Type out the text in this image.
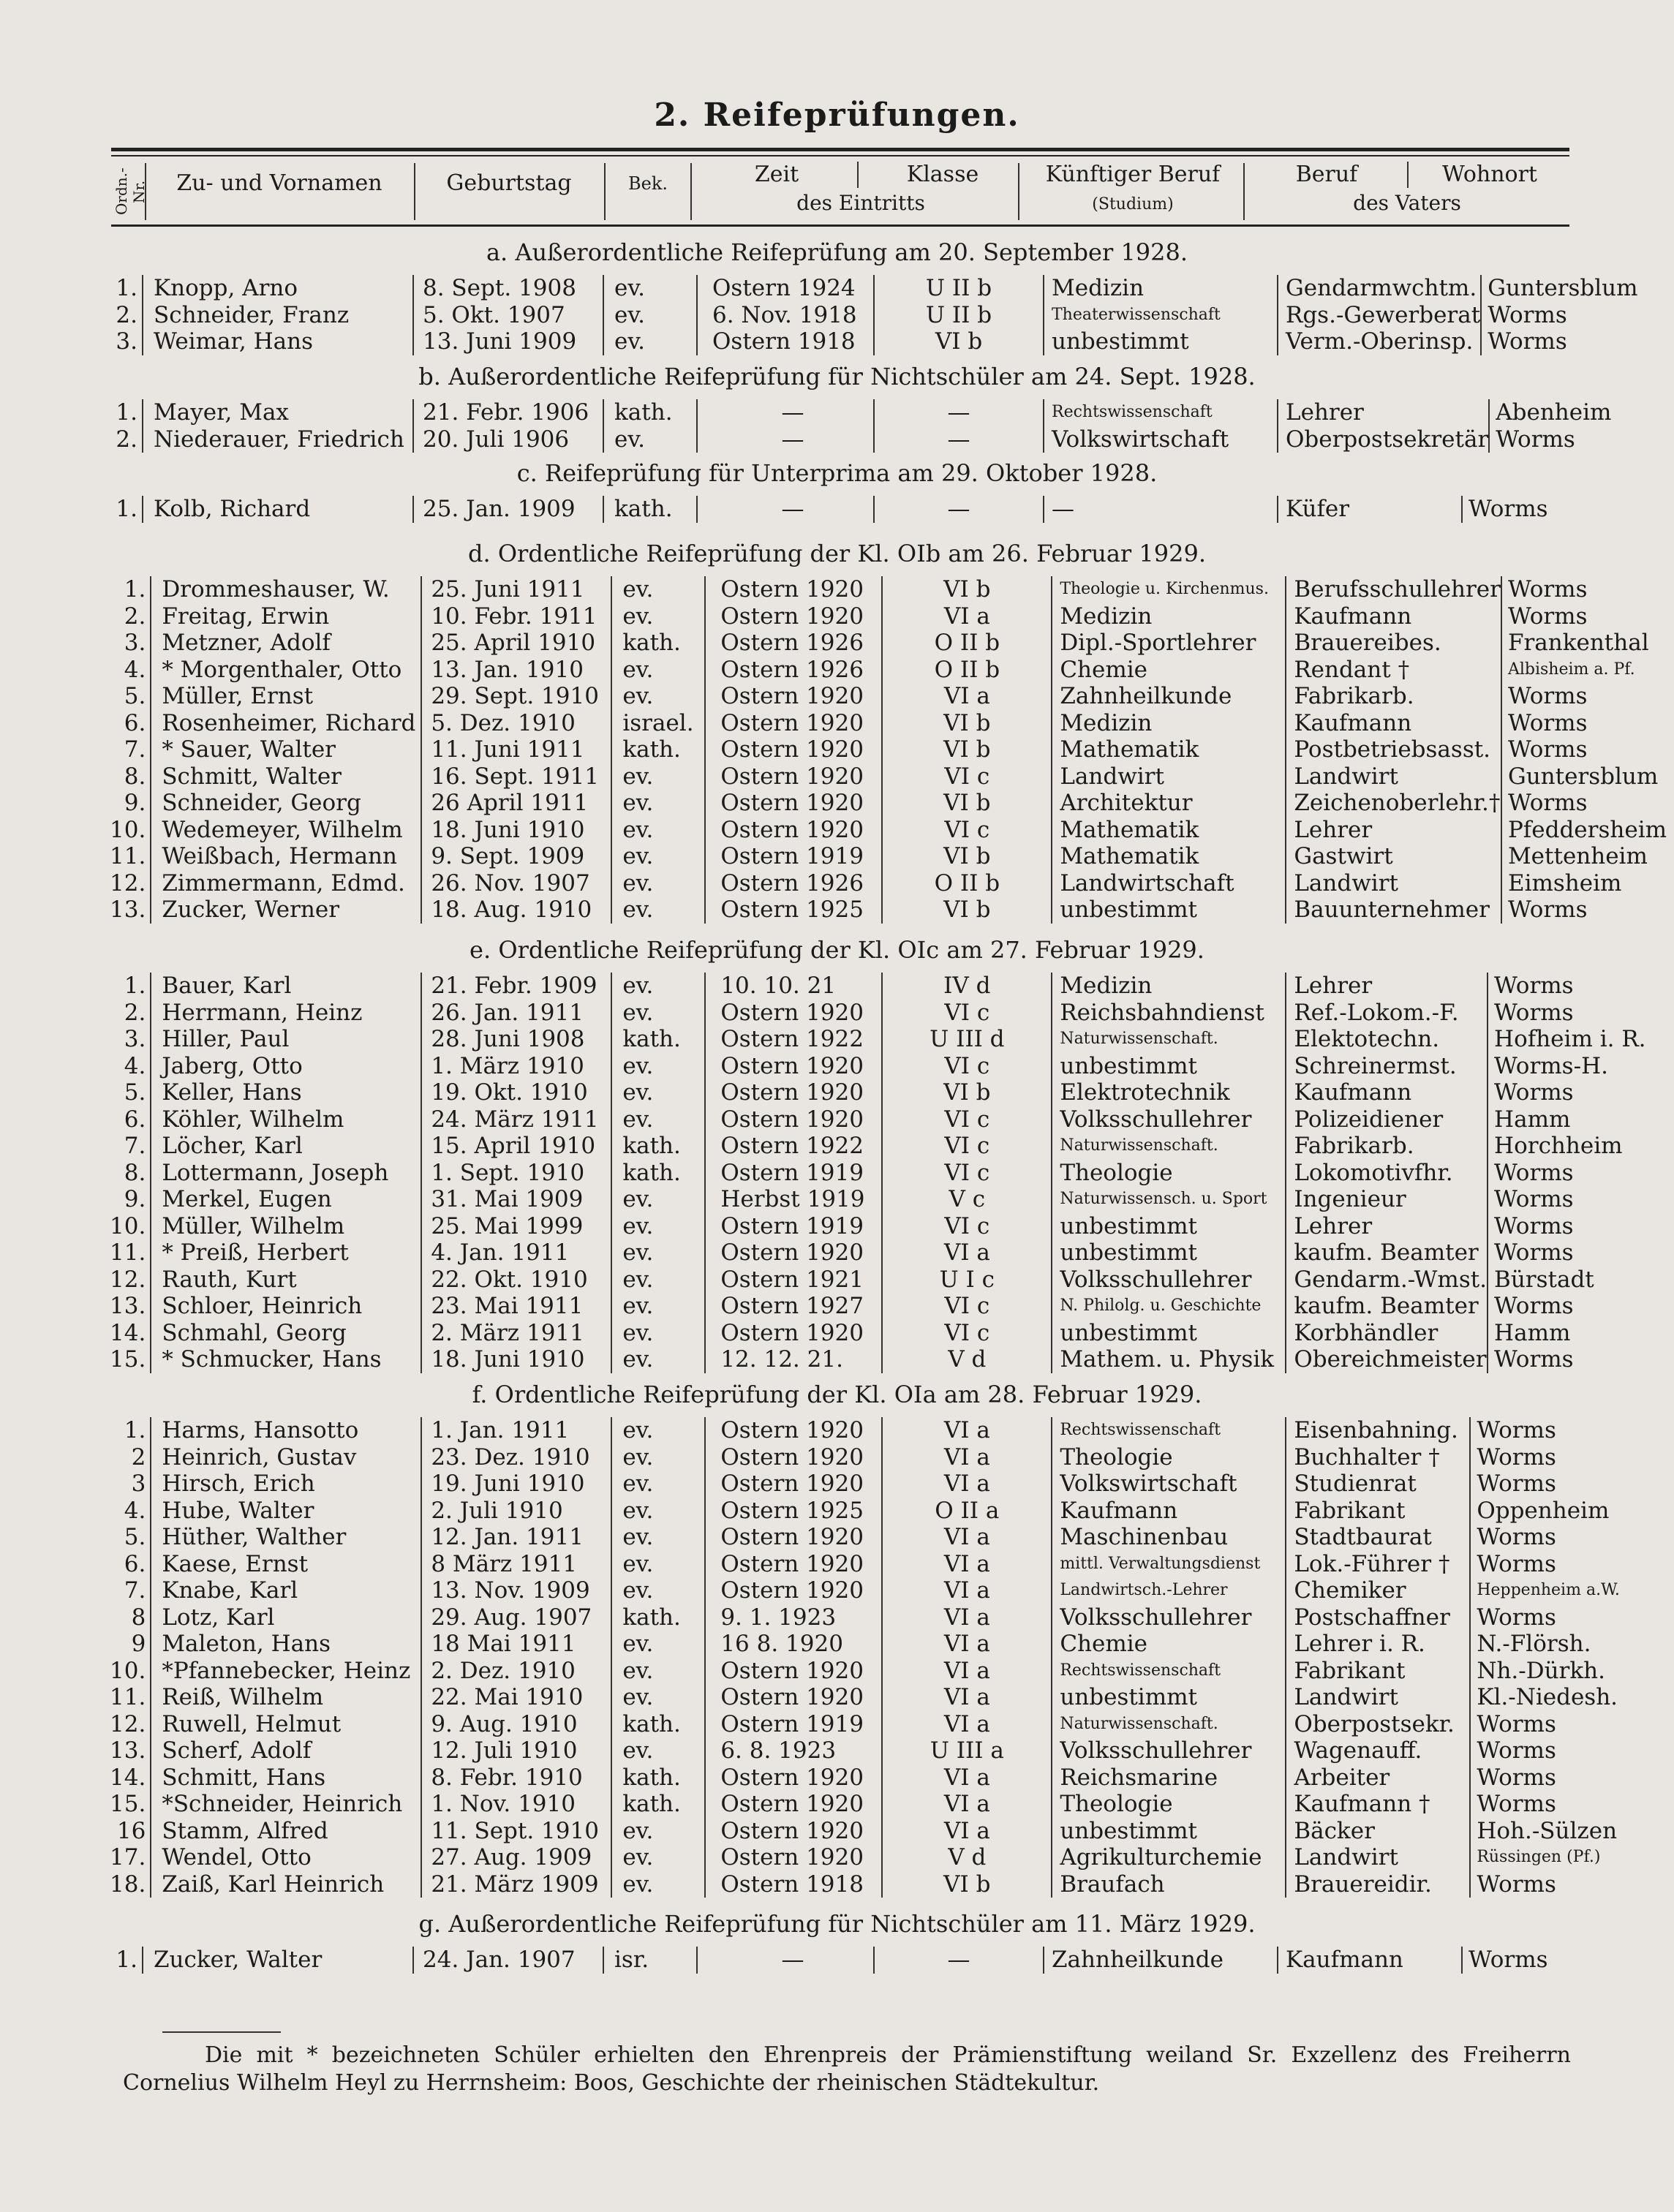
2. Reifeprüfungen.
Ordn.-Nr.	Zu- und Vornamen	Geburtstag	Bek.	Zeit	Klasse
des Eintritts
Künftiger Beruf
(Studium)
Beruf	Wohnort
des Vaters
a. Außerordentliche Reifeprüfung am 20. September 1928.
1.	Knopp, Arno	8. Sept. 1908	ev.	Ostern 1924	U II b	Medizin	Gendarmwchtm.	Guntersblum
2.	Schneider, Franz	5. Okt. 1907	ev.	6. Nov. 1918	U II b	Theaterwissenschaft	Rgs.-Gewerberat	Worms
3.	Weimar, Hans	13. Juni 1909	ev.	Ostern 1918	VI b	unbestimmt	Verm.-Oberinsp.	Worms
b. Außerordentliche Reifeprüfung für Nichtschüler am 24. Sept. 1928.
1.	Mayer, Max	21. Febr. 1906	kath.	—	—	Rechtswissenschaft	Lehrer	Abenheim
2.	Niederauer, Friedrich	20. Juli 1906	ev.	—	—	Volkswirtschaft	Oberpostsekretär	Worms
c. Reifeprüfung für Unterprima am 29. Oktober 1928.
1.	Kolb, Richard	25. Jan. 1909	kath.	—	—	—	Küfer	Worms
d. Ordentliche Reifeprüfung der Kl. OIb am 26. Februar 1929.
1.	Drommeshauser, W.	25. Juni 1911	ev.	Ostern 1920	VI b	Theologie u. Kirchenmus.	Berufsschullehrer	Worms
2.	Freitag, Erwin	10. Febr. 1911	ev.	Ostern 1920	VI a	Medizin	Kaufmann	Worms
3.	Metzner, Adolf	25. April 1910	kath.	Ostern 1926	O II b	Dipl.-Sportlehrer	Brauereibes.	Frankenthal
4.	* Morgenthaler, Otto	13. Jan. 1910	ev.	Ostern 1926	O II b	Chemie	Rendant †	Albisheim a. Pf.
5.	Müller, Ernst	29. Sept. 1910	ev.	Ostern 1920	VI a	Zahnheilkunde	Fabrikarb.	Worms
6.	Rosenheimer, Richard	5. Dez. 1910	israel.	Ostern 1920	VI b	Medizin	Kaufmann	Worms
7.	* Sauer, Walter	11. Juni 1911	kath.	Ostern 1920	VI b	Mathematik	Postbetriebsasst.	Worms
8.	Schmitt, Walter	16. Sept. 1911	ev.	Ostern 1920	VI c	Landwirt	Landwirt	Guntersblum
9.	Schneider, Georg	26 April 1911	ev.	Ostern 1920	VI b	Architektur	Zeichenoberlehr.†	Worms
10.	Wedemeyer, Wilhelm	18. Juni 1910	ev.	Ostern 1920	VI c	Mathematik	Lehrer	Pfeddersheim
11.	Weißbach, Hermann	9. Sept. 1909	ev.	Ostern 1919	VI b	Mathematik	Gastwirt	Mettenheim
12.	Zimmermann, Edmd.	26. Nov. 1907	ev.	Ostern 1926	O II b	Landwirtschaft	Landwirt	Eimsheim
13.	Zucker, Werner	18. Aug. 1910	ev.	Ostern 1925	VI b	unbestimmt	Bauunternehmer	Worms
e. Ordentliche Reifeprüfung der Kl. OIc am 27. Februar 1929.
1.	Bauer, Karl	21. Febr. 1909	ev.	10. 10. 21	IV d	Medizin	Lehrer	Worms
2.	Herrmann, Heinz	26. Jan. 1911	ev.	Ostern 1920	VI c	Reichsbahndienst	Ref.-Lokom.-F.	Worms
3.	Hiller, Paul	28. Juni 1908	kath.	Ostern 1922	U III d	Naturwissenschaft.	Elektotechn.	Hofheim i. R.
4.	Jaberg, Otto	1. März 1910	ev.	Ostern 1920	VI c	unbestimmt	Schreinermst.	Worms-H.
5.	Keller, Hans	19. Okt. 1910	ev.	Ostern 1920	VI b	Elektrotechnik	Kaufmann	Worms
6.	Köhler, Wilhelm	24. März 1911	ev.	Ostern 1920	VI c	Volksschullehrer	Polizeidiener	Hamm
7.	Löcher, Karl	15. April 1910	kath.	Ostern 1922	VI c	Naturwissenschaft.	Fabrikarb.	Horchheim
8.	Lottermann, Joseph	1. Sept. 1910	kath.	Ostern 1919	VI c	Theologie	Lokomotivfhr.	Worms
9.	Merkel, Eugen	31. Mai 1909	ev.	Herbst 1919	V c	Naturwissensch. u. Sport	Ingenieur	Worms
10.	Müller, Wilhelm	25. Mai 1999	ev.	Ostern 1919	VI c	unbestimmt	Lehrer	Worms
11.	* Preiß, Herbert	4. Jan. 1911	ev.	Ostern 1920	VI a	unbestimmt	kaufm. Beamter	Worms
12.	Rauth, Kurt	22. Okt. 1910	ev.	Ostern 1921	U I c	Volksschullehrer	Gendarm.-Wmst.	Bürstadt
13.	Schloer, Heinrich	23. Mai 1911	ev.	Ostern 1927	VI c	N. Philolg. u. Geschichte	kaufm. Beamter	Worms
14.	Schmahl, Georg	2. März 1911	ev.	Ostern 1920	VI c	unbestimmt	Korbhändler	Hamm
15.	* Schmucker, Hans	18. Juni 1910	ev.	12. 12. 21.	V d	Mathem. u. Physik	Obereichmeister	Worms
f. Ordentliche Reifeprüfung der Kl. OIa am 28. Februar 1929.
1.	Harms, Hansotto	1. Jan. 1911	ev.	Ostern 1920	VI a	Rechtswissenschaft	Eisenbahning.	Worms
2	Heinrich, Gustav	23. Dez. 1910	ev.	Ostern 1920	VI a	Theologie	Buchhalter †	Worms
3	Hirsch, Erich	19. Juni 1910	ev.	Ostern 1920	VI a	Volkswirtschaft	Studienrat	Worms
4.	Hube, Walter	2. Juli 1910	ev.	Ostern 1925	O II a	Kaufmann	Fabrikant	Oppenheim
5.	Hüther, Walther	12. Jan. 1911	ev.	Ostern 1920	VI a	Maschinenbau	Stadtbaurat	Worms
6.	Kaese, Ernst	8 März 1911	ev.	Ostern 1920	VI a	mittl. Verwaltungsdienst	Lok.-Führer †	Worms
7.	Knabe, Karl	13. Nov. 1909	ev.	Ostern 1920	VI a	Landwirtsch.-Lehrer	Chemiker	Heppenheim a.W.
8	Lotz, Karl	29. Aug. 1907	kath.	9. 1. 1923	VI a	Volksschullehrer	Postschaffner	Worms
9	Maleton, Hans	18 Mai 1911	ev.	16 8. 1920	VI a	Chemie	Lehrer i. R.	N.-Flörsh.
10.	*Pfannebecker, Heinz	2. Dez. 1910	ev.	Ostern 1920	VI a	Rechtswissenschaft	Fabrikant	Nh.-Dürkh.
11.	Reiß, Wilhelm	22. Mai 1910	ev.	Ostern 1920	VI a	unbestimmt	Landwirt	Kl.-Niedesh.
12.	Ruwell, Helmut	9. Aug. 1910	kath.	Ostern 1919	VI a	Naturwissenschaft.	Oberpostsekr.	Worms
13.	Scherf, Adolf	12. Juli 1910	ev.	6. 8. 1923	U III a	Volksschullehrer	Wagenauff.	Worms
14.	Schmitt, Hans	8. Febr. 1910	kath.	Ostern 1920	VI a	Reichsmarine	Arbeiter	Worms
15.	*Schneider, Heinrich	1. Nov. 1910	kath.	Ostern 1920	VI a	Theologie	Kaufmann †	Worms
16	Stamm, Alfred	11. Sept. 1910	ev.	Ostern 1920	VI a	unbestimmt	Bäcker	Hoh.-Sülzen
17.	Wendel, Otto	27. Aug. 1909	ev.	Ostern 1920	V d	Agrikulturchemie	Landwirt	Rüssingen (Pf.)
18.	Zaiß, Karl Heinrich	21. März 1909	ev.	Ostern 1918	VI b	Braufach	Brauereidir.	Worms
g. Außerordentliche Reifeprüfung für Nichtschüler am 11. März 1929.
1.	Zucker, Walter	24. Jan. 1907	isr.	—	—	Zahnheilkunde	Kaufmann	Worms
Die mit * bezeichneten Schüler erhielten den Ehrenpreis der Prämienstiftung weiland Sr. Exzellenz des Freiherrn Cornelius Wilhelm Heyl zu Herrnsheim: Boos, Geschichte der rheinischen Städtekultur.
